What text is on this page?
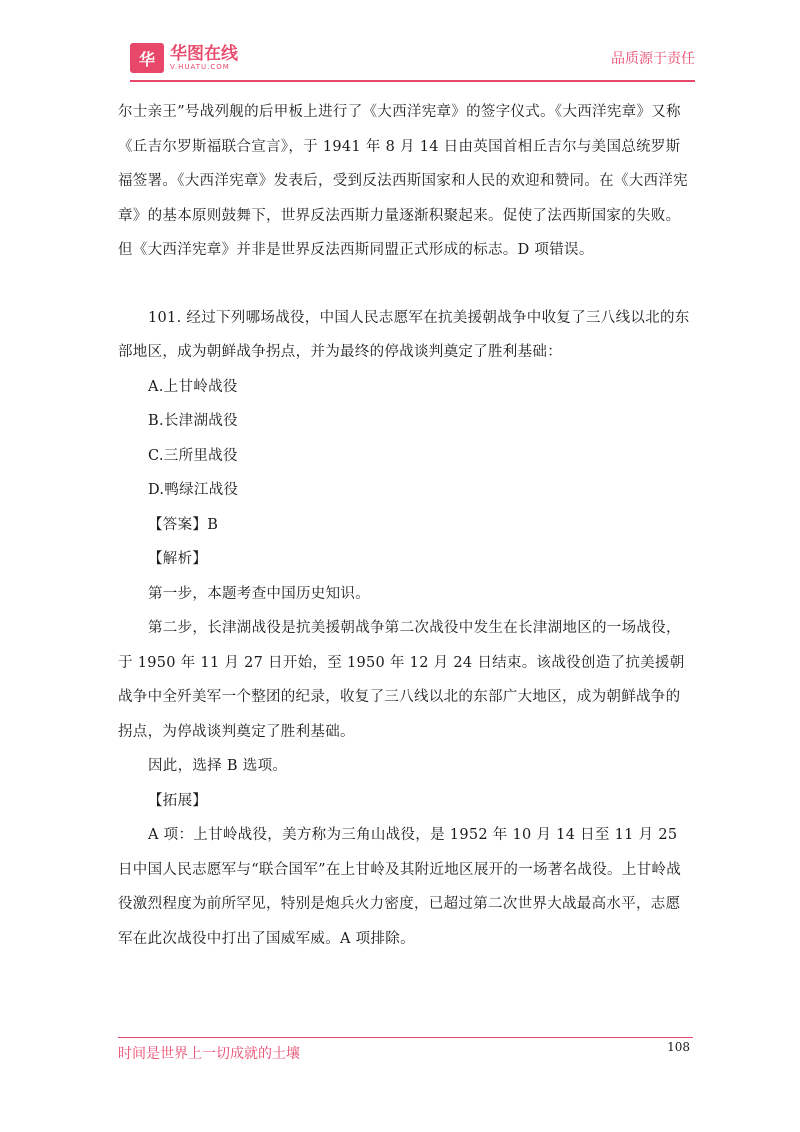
华 华图在线
V.HUATU.COM	品质源于责任

尔士亲王”号战列舰的后甲板上进行了《大西洋宪章》的签字仪式。《大西洋宪章》又称《丘吉尔罗斯福联合宣言》，于 1941 年 8 月 14 日由英国首相丘吉尔与美国总统罗斯福签署。《大西洋宪章》发表后，受到反法西斯国家和人民的欢迎和赞同。在《大西洋宪章》的基本原则鼓舞下，世界反法西斯力量逐渐积聚起来。促使了法西斯国家的失败。但《大西洋宪章》并非是世界反法西斯同盟正式形成的标志。D 项错误。

101. 经过下列哪场战役，中国人民志愿军在抗美援朝战争中收复了三八线以北的东部地区，成为朝鲜战争拐点，并为最终的停战谈判奠定了胜利基础：

A.上甘岭战役

B.长津湖战役

C.三所里战役

D.鸭绿江战役

【答案】B

【解析】

第一步，本题考查中国历史知识。

第二步，长津湖战役是抗美援朝战争第二次战役中发生在长津湖地区的一场战役，于 1950 年 11 月 27 日开始，至 1950 年 12 月 24 日结束。该战役创造了抗美援朝战争中全歼美军一个整团的纪录，收复了三八线以北的东部广大地区，成为朝鲜战争的拐点，为停战谈判奠定了胜利基础。

因此，选择 B 选项。

【拓展】

A 项：上甘岭战役，美方称为三角山战役，是 1952 年 10 月 14 日至 11 月 25 日中国人民志愿军与“联合国军”在上甘岭及其附近地区展开的一场著名战役。上甘岭战役激烈程度为前所罕见，特别是炮兵火力密度，已超过第二次世界大战最高水平，志愿军在此次战役中打出了国威军威。A 项排除。

时间是世界上一切成就的土壤	108
